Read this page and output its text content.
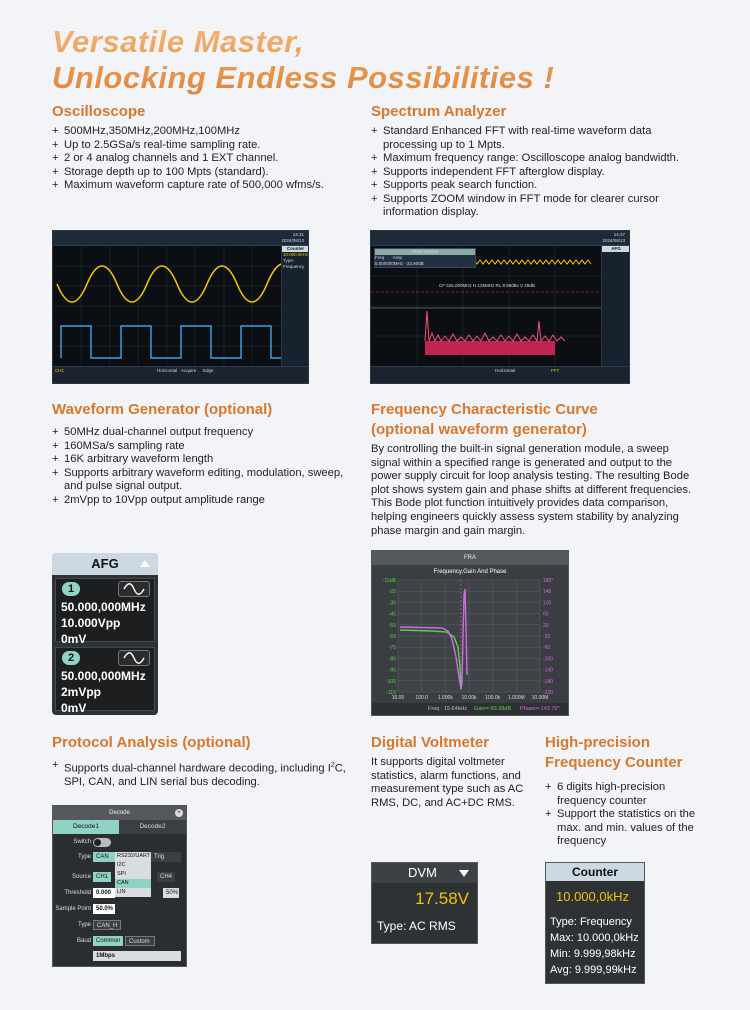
Versatile Master,
Unlocking Endless Possibilities !
Oscilloscope
+ 500MHz,350MHz,200MHz,100MHz
+ Up to 2.5GSa/s real-time sampling rate.
+ 2 or 4 analog channels and 1 EXT channel.
+ Storage depth up to 100 Mpts (standard).
+ Maximum waveform capture rate of 500,000 wfms/s.
14:31
2024/08/13
Counter
10.000,0kHz
Type: Frequency
CH1	Horizontal Acquire Edge
Spectrum Analyzer
+ Standard Enhanced FFT with real-time waveform data processing up to 1 Mpts.
+ Maximum frequency range: Oscilloscope analog bandwidth.
+ Supports independent FFT afterglow display.
+ Supports peak search function.
+ Supports ZOOM window in FFT mode for clearer cursor information display.
14:37
2024/08/13
Peak Display
Freq Amp
5.000000MHz -23.90dB
CF 625.000MHz H 125MHz RL 9.99dBv V 28dB
AFG
Horizontal	FFT
Waveform Generator (optional)
+ 50MHz dual-channel output frequency
+ 160MSa/s sampling rate
+ 16K arbitrary waveform length
+ Supports arbitrary waveform editing, modulation, sweep, and pulse signal output.
+ 2mVpp to 10Vpp output amplitude range
AFG
1
50.000,000MHz
10.000Vpp
0mV
2
50.000,000MHz
2mVpp
0mV
Frequency Characteristic Curve
(optional waveform generator)
By controlling the built-in signal generation module, a sweep signal within a specified range is generated and output to the power supply circuit for loop analysis testing. The resulting Bode plot shows system gain and phase shifts at different frequencies. This Bode plot function intuitively provides data comparison, helping engineers quickly assess system stability by analyzing phase margin and gain margin.
FRA
Frequency,Gain And Phase
-15dB
-25
-35
-45
-55
-65
-75
-85
-95
-105
-115
180°
140
100
60
20
-20
-60
-100
-140
-180
-220
10.00 100.0 1.000k 10.00k 100.0k 1.000M 10.00M
Freq : 15.64kHz Gain=-93.38dB Phase=-143.70°
Protocol Analysis (optional)
+ Supports dual-channel hardware decoding, including $I^2C$, SPI, CAN, and LIN serial bus decoding.
Decode	×
Decode1	Decode2
Switch
Type CAN	RS232/UART
I2C
SPI
CAN
LIN
Trig
Source CH1	CH4
Threshold 0.000	50%
Sample Point 50.0%
Type	CAN_H
Baud Common	Custom
1Mbps
Digital Voltmeter
It supports digital voltmeter statistics, alarm functions, and measurement type such as AC RMS, DC, and AC+DC RMS.
DVM
17.58V
Type: AC RMS
High-precision
Frequency Counter
+ 6 digits high-precision frequency counter
+ Support the statistics on the max. and min. values of the frequency
Counter
10.000,0kHz
Type: Frequency
Max: 10.000,0kHz
Min: 9.999,98kHz
Avg: 9.999,99kHz
